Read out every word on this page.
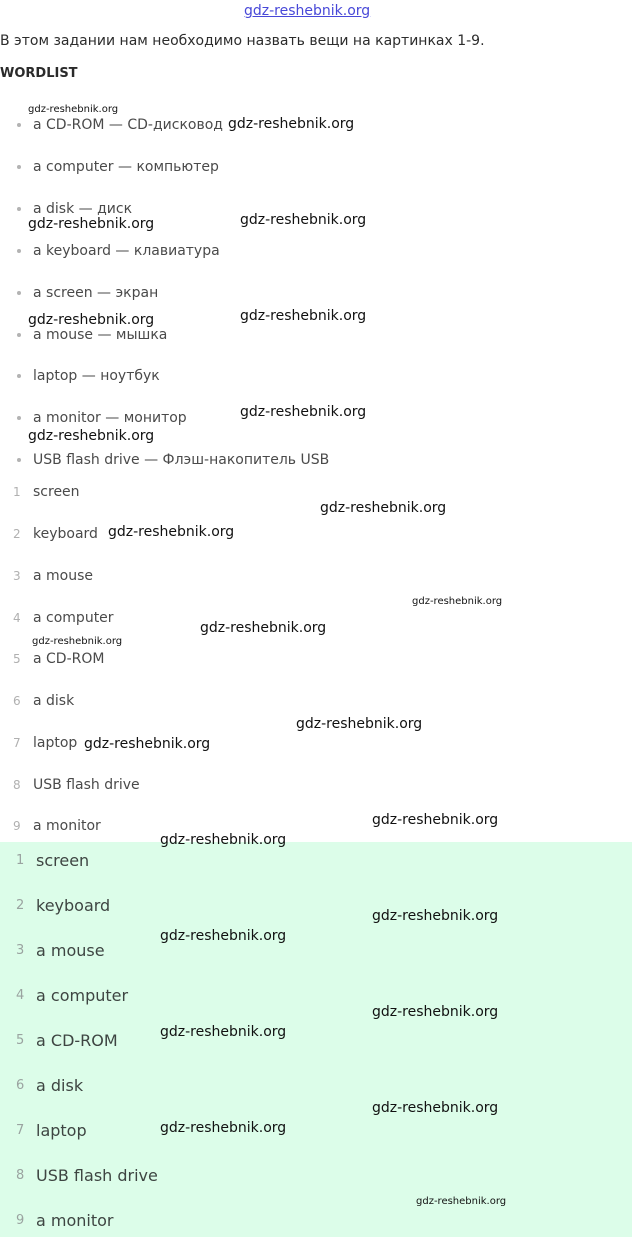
gdz-reshebnik.org
В этом задании нам необходимо назвать вещи на картинках 1-9.
WORDLIST
a CD-ROM — CD-дисковод
a computer — компьютер
a disk — диск
a keyboard — клавиатура
a screen — экран
a mouse — мышка
laptop — ноутбук
a monitor — монитор
USB flash drive — Флэш-накопитель USB
1 screen
2 keyboard
3 a mouse
4 a computer
5 a CD-ROM
6 a disk
7 laptop
8 USB flash drive
9 a monitor
1 screen
2 keyboard
3 a mouse
4 a computer
5 a CD-ROM
6 a disk
7 laptop
8 USB flash drive
9 a monitor
gdz-reshebnik.org
gdz-reshebnik.org
gdz-reshebnik.org	gdz-reshebnik.org
gdz-reshebnik.org	gdz-reshebnik.org
gdz-reshebnik.org
gdz-reshebnik.org
gdz-reshebnik.org
gdz-reshebnik.org
gdz-reshebnik.org
gdz-reshebnik.org
gdz-reshebnik.org
gdz-reshebnik.org
gdz-reshebnik.org
gdz-reshebnik.org
gdz-reshebnik.org
gdz-reshebnik.org
gdz-reshebnik.org
gdz-reshebnik.org
gdz-reshebnik.org
gdz-reshebnik.org
gdz-reshebnik.org
gdz-reshebnik.org
